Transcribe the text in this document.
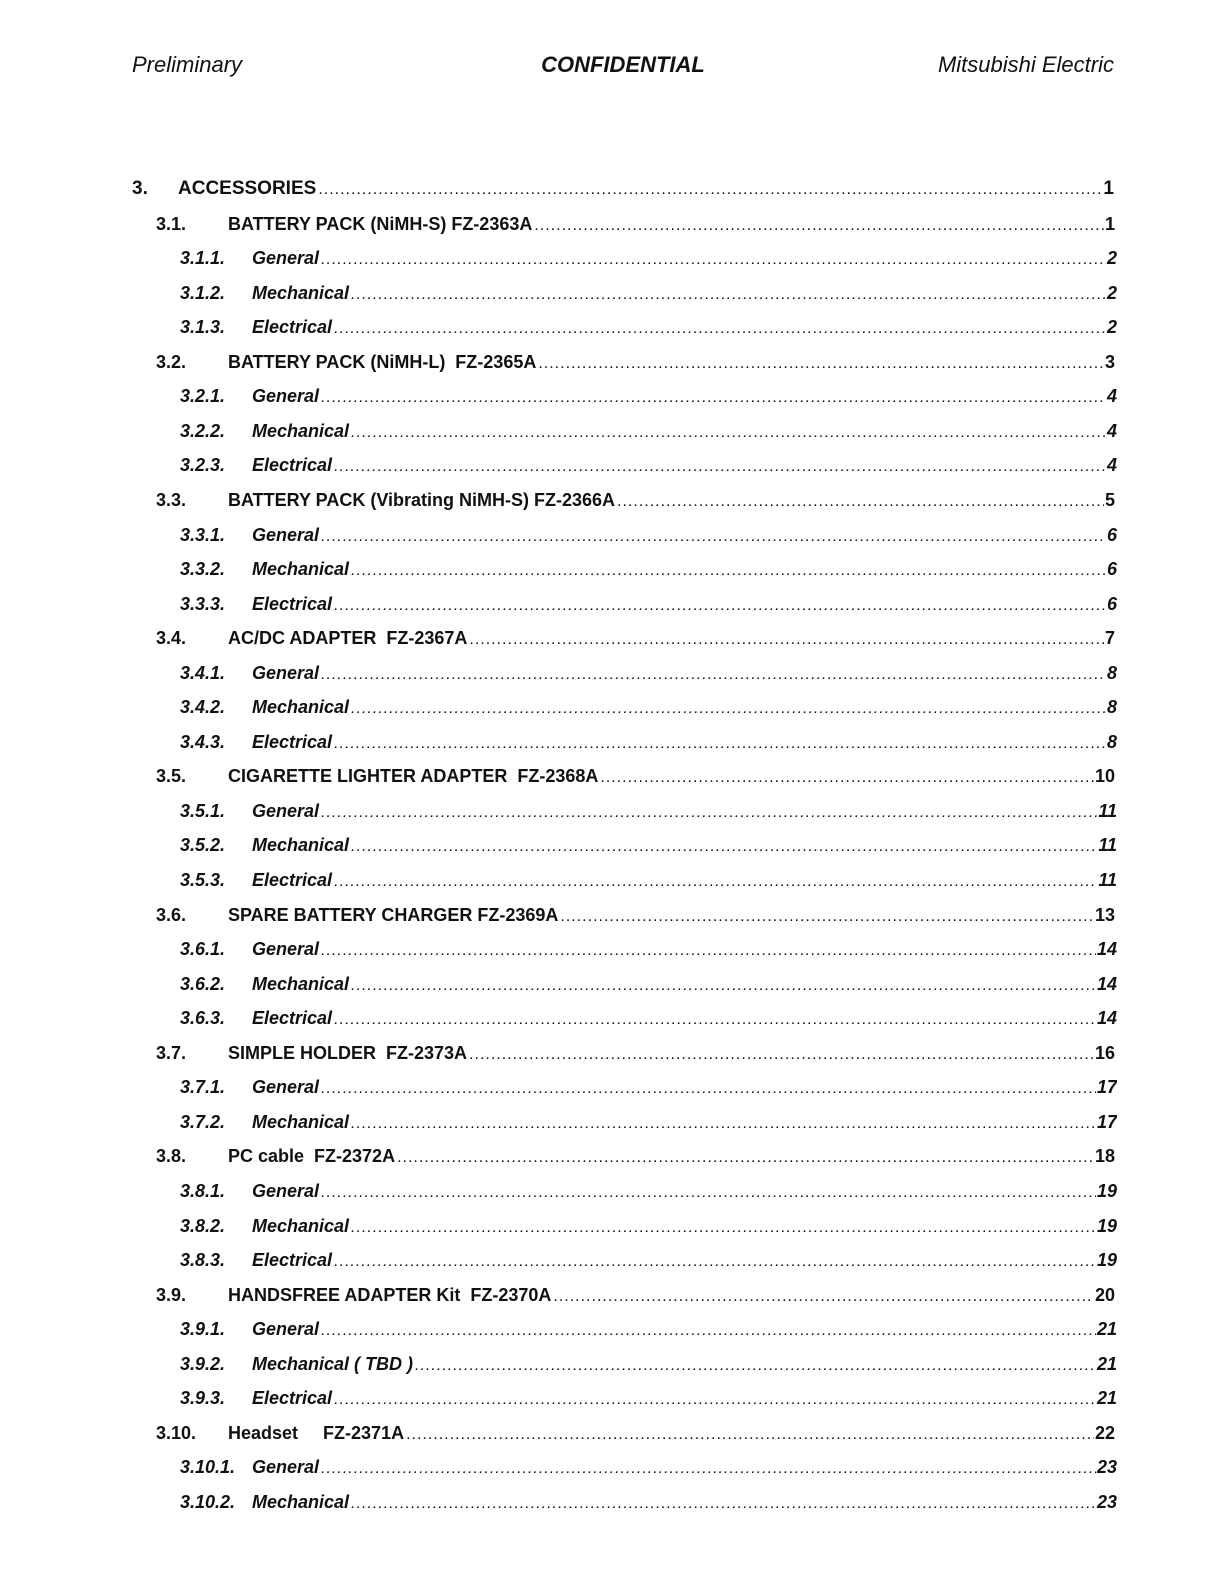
Preliminary	CONFIDENTIAL	Mitsubishi Electric
3.	ACCESSORIES .....	1
3.1.	BATTERY PACK (NiMH-S) FZ-2363A .....	1
3.1.1.	General .....	2
3.1.2.	Mechanical .....	2
3.1.3.	Electrical .....	2
3.2.	BATTERY PACK (NiMH-L)  FZ-2365A .....	3
3.2.1.	General .....	4
3.2.2.	Mechanical .....	4
3.2.3.	Electrical .....	4
3.3.	BATTERY PACK (Vibrating NiMH-S) FZ-2366A .....	5
3.3.1.	General .....	6
3.3.2.	Mechanical .....	6
3.3.3.	Electrical .....	6
3.4.	AC/DC ADAPTER  FZ-2367A .....	7
3.4.1.	General .....	8
3.4.2.	Mechanical .....	8
3.4.3.	Electrical .....	8
3.5.	CIGARETTE LIGHTER ADAPTER  FZ-2368A .....	10
3.5.1.	General .....	11
3.5.2.	Mechanical .....	11
3.5.3.	Electrical .....	11
3.6.	SPARE BATTERY CHARGER FZ-2369A .....	13
3.6.1.	General .....	14
3.6.2.	Mechanical .....	14
3.6.3.	Electrical .....	14
3.7.	SIMPLE HOLDER  FZ-2373A .....	16
3.7.1.	General .....	17
3.7.2.	Mechanical .....	17
3.8.	PC cable  FZ-2372A .....	18
3.8.1.	General .....	19
3.8.2.	Mechanical .....	19
3.8.3.	Electrical .....	19
3.9.	HANDSFREE ADAPTER Kit  FZ-2370A .....	20
3.9.1.	General .....	21
3.9.2.	Mechanical ( TBD ) .....	21
3.9.3.	Electrical .....	21
3.10.	Headset     FZ-2371A .....	22
3.10.1. General .....	23
3.10.2. Mechanical .....	23
